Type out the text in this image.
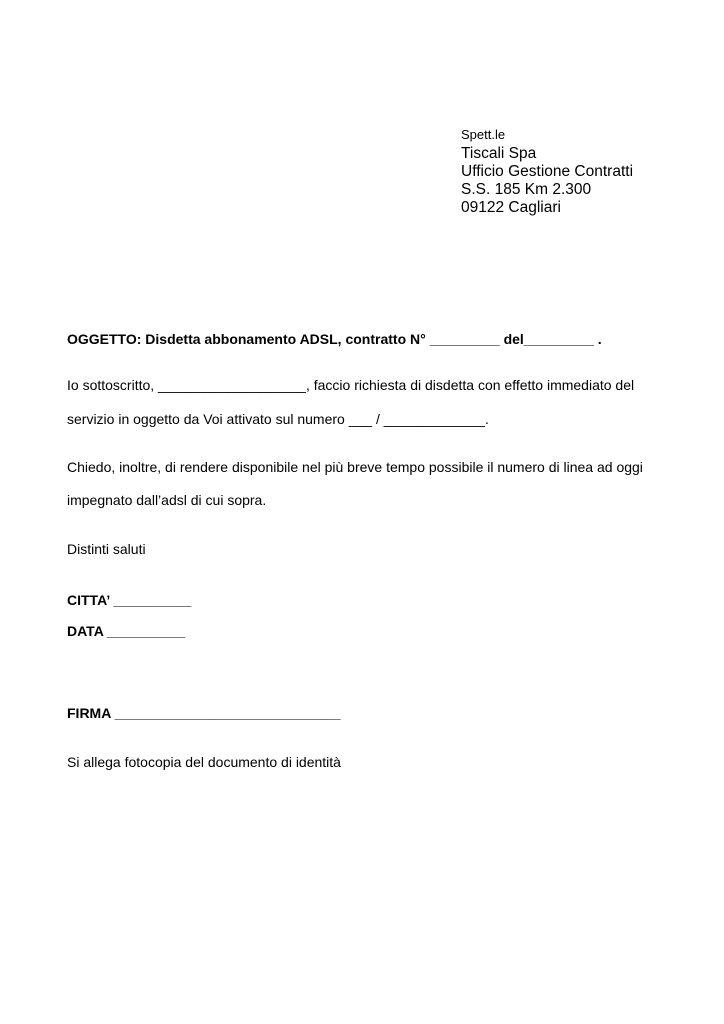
Spett.le
Tiscali Spa
Ufficio Gestione Contratti
S.S. 185 Km 2.300
09122 Cagliari
OGGETTO: Disdetta abbonamento ADSL, contratto N° _________ del_________ .
Io sottoscritto, ___________________, faccio richiesta di disdetta con effetto immediato del
servizio in oggetto da Voi attivato sul numero ___ / _____________.
Chiedo, inoltre, di rendere disponibile nel più breve tempo possibile il numero di linea ad oggi
impegnato dall’adsl di cui sopra.
Distinti saluti
CITTA’ __________
DATA __________
FIRMA _____________________________
Si allega fotocopia del documento di identità
